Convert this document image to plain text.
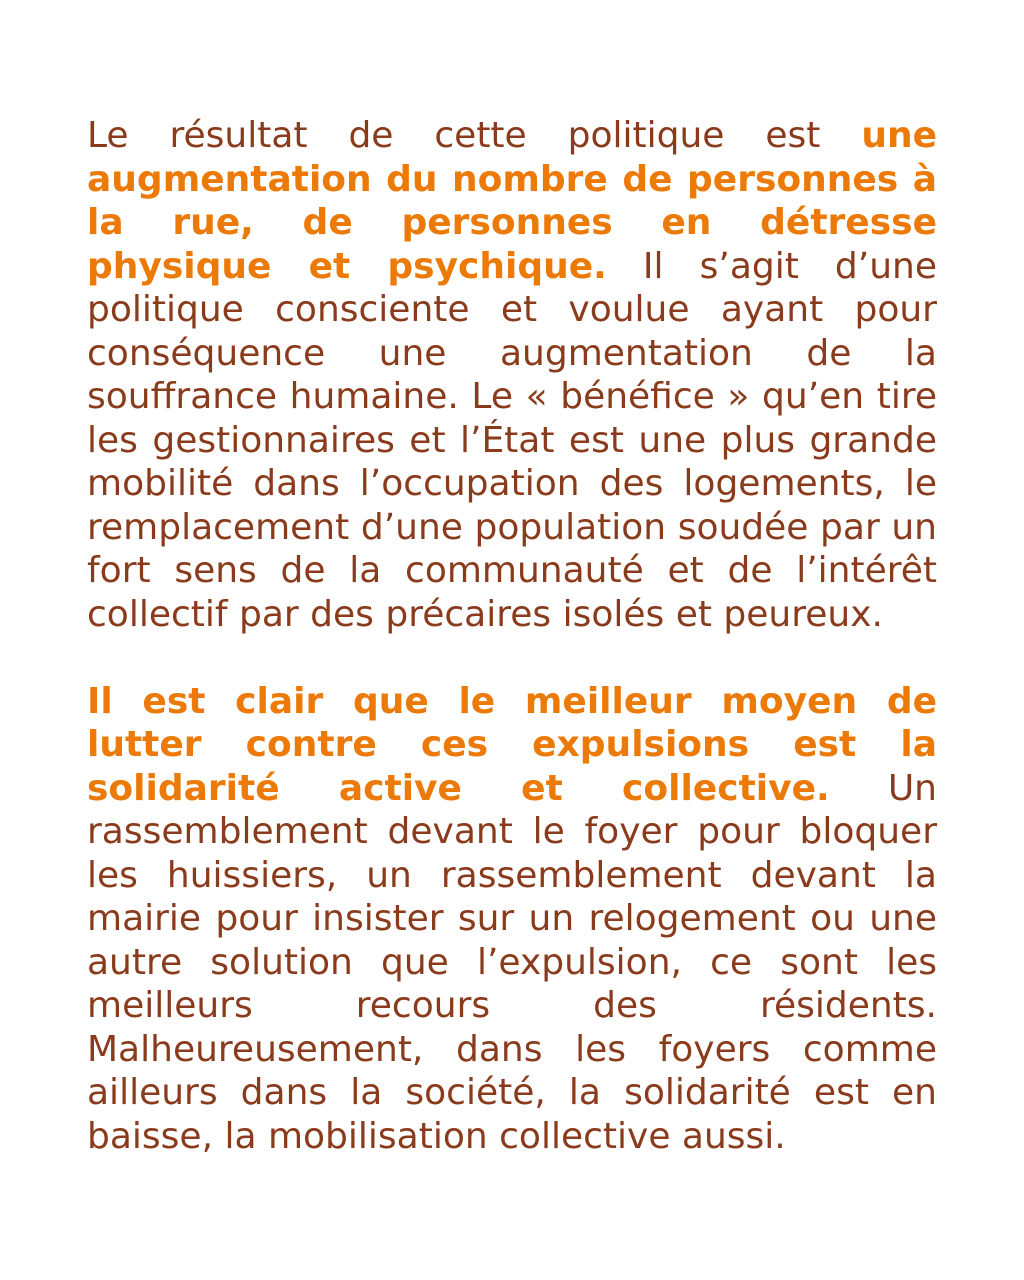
Le résultat de cette politique est une augmentation du nombre de personnes à la rue, de personnes en détresse physique et psychique. Il s’agit d’une politique consciente et voulue ayant pour conséquence une augmentation de la souffrance humaine. Le « bénéfice » qu’en tire les gestionnaires et l’État est une plus grande mobilité dans l’occupation des logements, le remplacement d’une population soudée par un fort sens de la communauté et de l’intérêt collectif par des précaires isolés et peureux.

Il est clair que le meilleur moyen de lutter contre ces expulsions est la solidarité active et collective. Un rassemblement devant le foyer pour bloquer les huissiers, un rassemblement devant la mairie pour insister sur un relogement ou une autre solution que l’expulsion, ce sont les meilleurs recours des résidents. Malheureusement, dans les foyers comme ailleurs dans la société, la solidarité est en baisse, la mobilisation collective aussi.
